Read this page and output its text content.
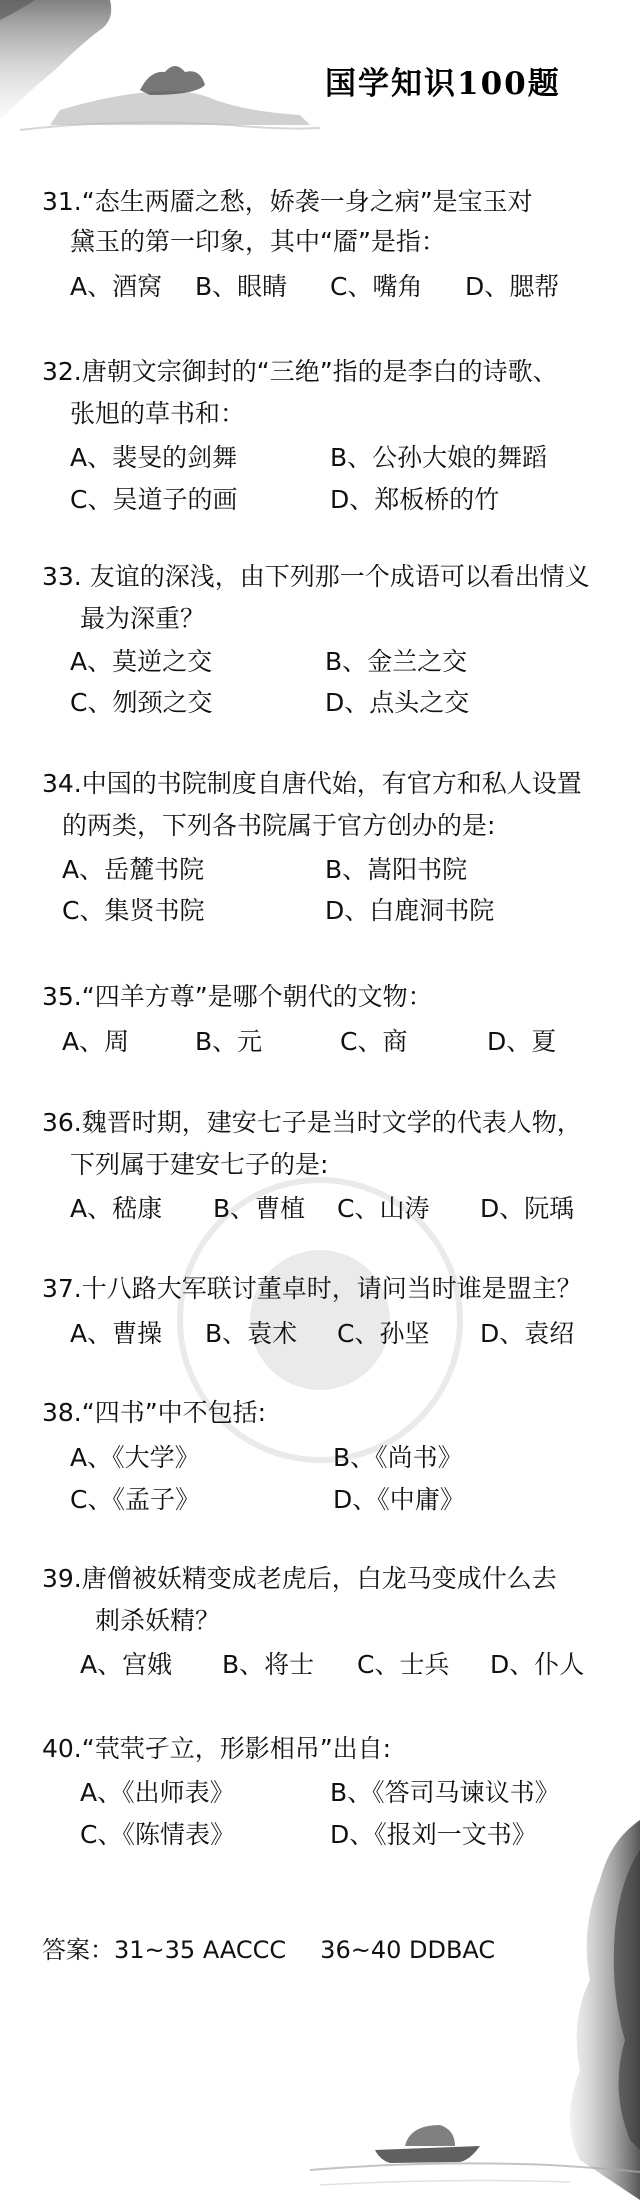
国学知识100题
31.“态生两靥之愁，娇袭一身之病”是宝玉对
黛玉的第一印象，其中“靥”是指：
A、酒窝 B、眼睛 C、嘴角 D、腮帮
32.唐朝文宗御封的“三绝”指的是李白的诗歌、
张旭的草书和：
A、裴旻的剑舞	B、公孙大娘的舞蹈
C、吴道子的画	D、郑板桥的竹
33. 友谊的深浅，由下列那一个成语可以看出情义
最为深重？
A、莫逆之交	B、金兰之交
C、刎颈之交	D、点头之交
34.中国的书院制度自唐代始，有官方和私人设置
的两类，下列各书院属于官方创办的是:
A、岳麓书院	B、嵩阳书院
C、集贤书院	D、白鹿洞书院
35.“四羊方尊”是哪个朝代的文物：
A、周	B、元	C、商	D、夏
36.魏晋时期，建安七子是当时文学的代表人物，
下列属于建安七子的是:
A、嵇康 B、曹植 C、山涛 D、阮瑀
37.十八路大军联讨董卓时，请问当时谁是盟主？
A、曹操 B、袁术 C、孙坚 D、袁绍
38.“四书”中不包括:
A、《大学》	B、《尚书》
C、《孟子》	D、《中庸》
39.唐僧被妖精变成老虎后，白龙马变成什么去
刺杀妖精？
A、宫娥 B、将士 C、士兵 D、仆人
40.“茕茕孑立，形影相吊”出自:
A、《出师表》	B、《答司马谏议书》
C、《陈情表》	D、《报刘一文书》
答案：31~35 AACCC 36~40 DDBAC
